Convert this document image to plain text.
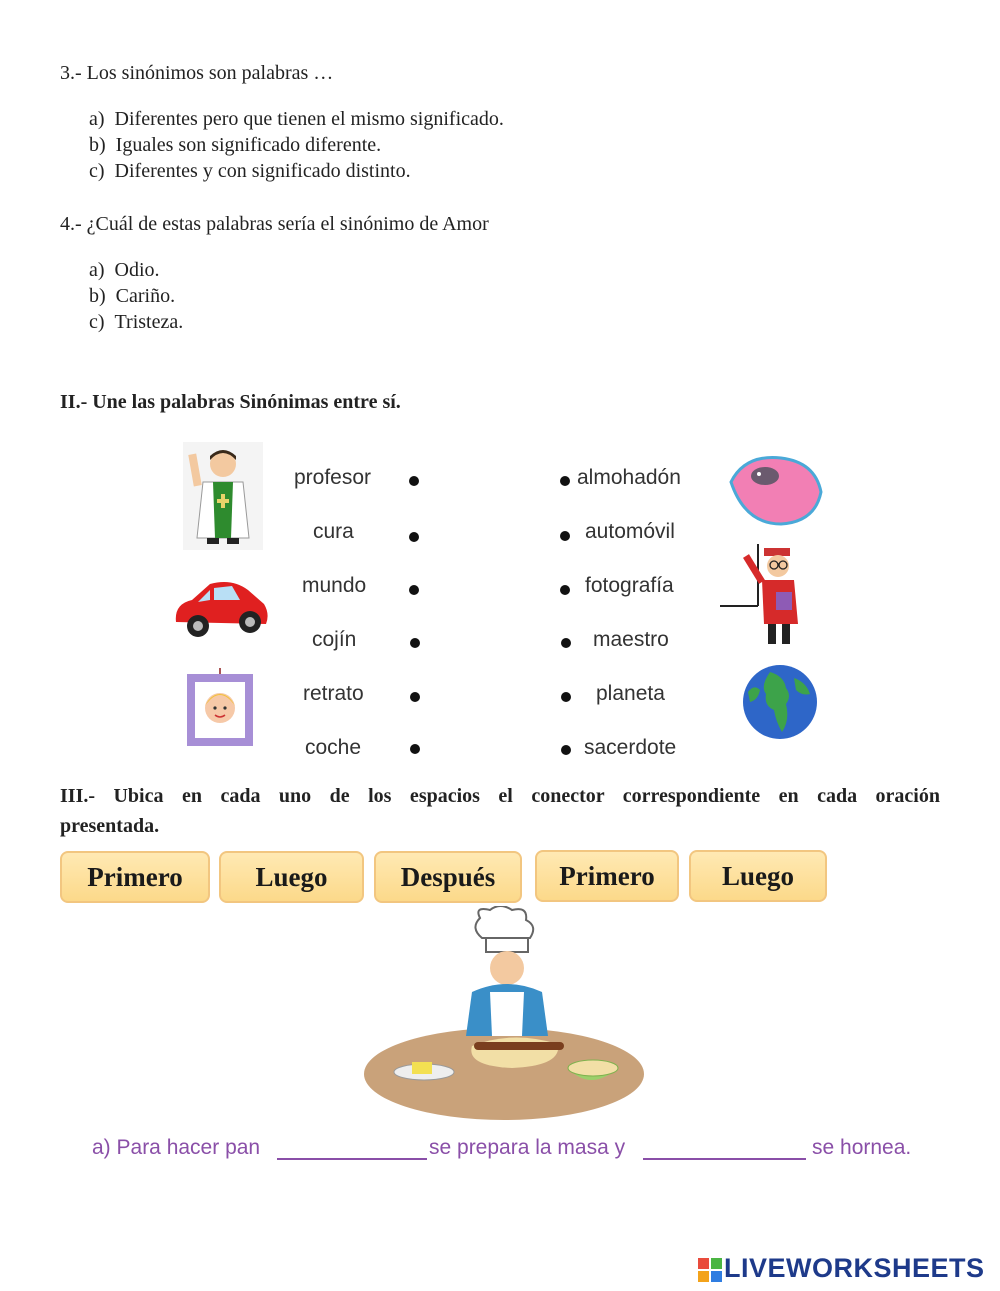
3.- Los sinónimos son palabras …
a) Diferentes pero que tienen el mismo significado.
b) Iguales son significado diferente.
c) Diferentes y con significado distinto.
4.- ¿Cuál de estas palabras sería el sinónimo de Amor
a) Odio.
b) Cariño.
c) Tristeza.
II.- Une las palabras Sinónimas entre sí.
profesor
cura
mundo
cojín
retrato
coche
almohadón
automóvil
fotografía
maestro
planeta
sacerdote
III.- Ubica en cada uno de los espacios el conector correspondiente en cada oración
presentada.
Primero	Luego	Después	Primero	Luego
a) Para hacer pan	se prepara la masa y	se hornea.
LIVEWORKSHEETS
